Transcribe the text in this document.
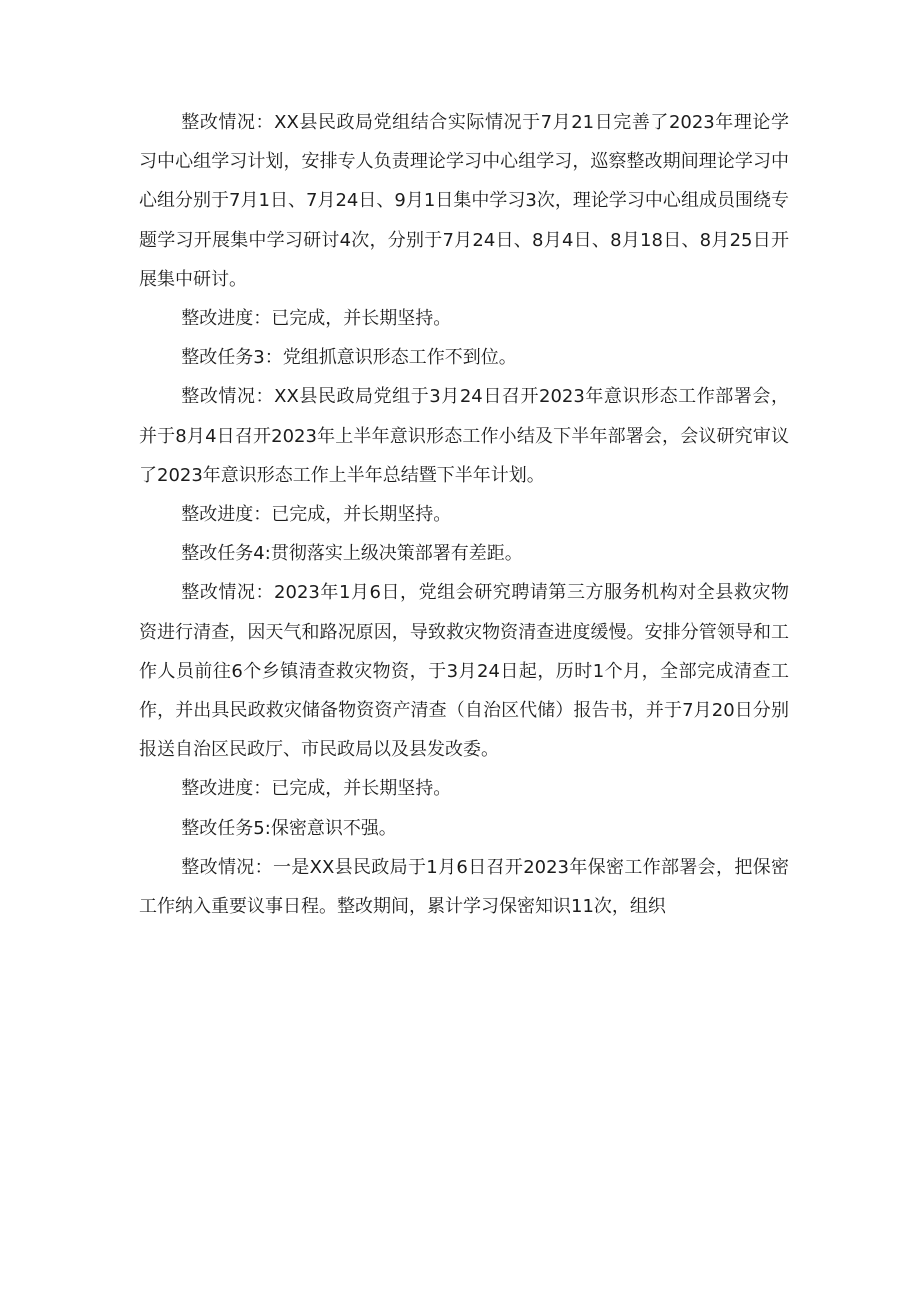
整改情况：XX县民政局党组结合实际情况于7月21日完善了2023年理论学习中心组学习计划，安排专人负责理论学习中心组学习，巡察整改期间理论学习中心组分别于7月1日、7月24日、9月1日集中学习3次，理论学习中心组成员围绕专题学习开展集中学习研讨4次，分别于7月24日、8月4日、8月18日、8月25日开展集中研讨。

整改进度：已完成，并长期坚持。

整改任务3：党组抓意识形态工作不到位。

整改情况：XX县民政局党组于3月24日召开2023年意识形态工作部署会，并于8月4日召开2023年上半年意识形态工作小结及下半年部署会，会议研究审议了2023年意识形态工作上半年总结暨下半年计划。

整改进度：已完成，并长期坚持。

整改任务4:贯彻落实上级决策部署有差距。

整改情况：2023年1月6日，党组会研究聘请第三方服务机构对全县救灾物资进行清查，因天气和路况原因，导致救灾物资清查进度缓慢。安排分管领导和工作人员前往6个乡镇清查救灾物资，于3月24日起，历时1个月，全部完成清查工作，并出具民政救灾储备物资资产清查（自治区代储）报告书，并于7月20日分别报送自治区民政厅、市民政局以及县发改委。

整改进度：已完成，并长期坚持。

整改任务5:保密意识不强。

整改情况：一是XX县民政局于1月6日召开2023年保密工作部署会，把保密工作纳入重要议事日程。整改期间，累计学习保密知识11次，组织
